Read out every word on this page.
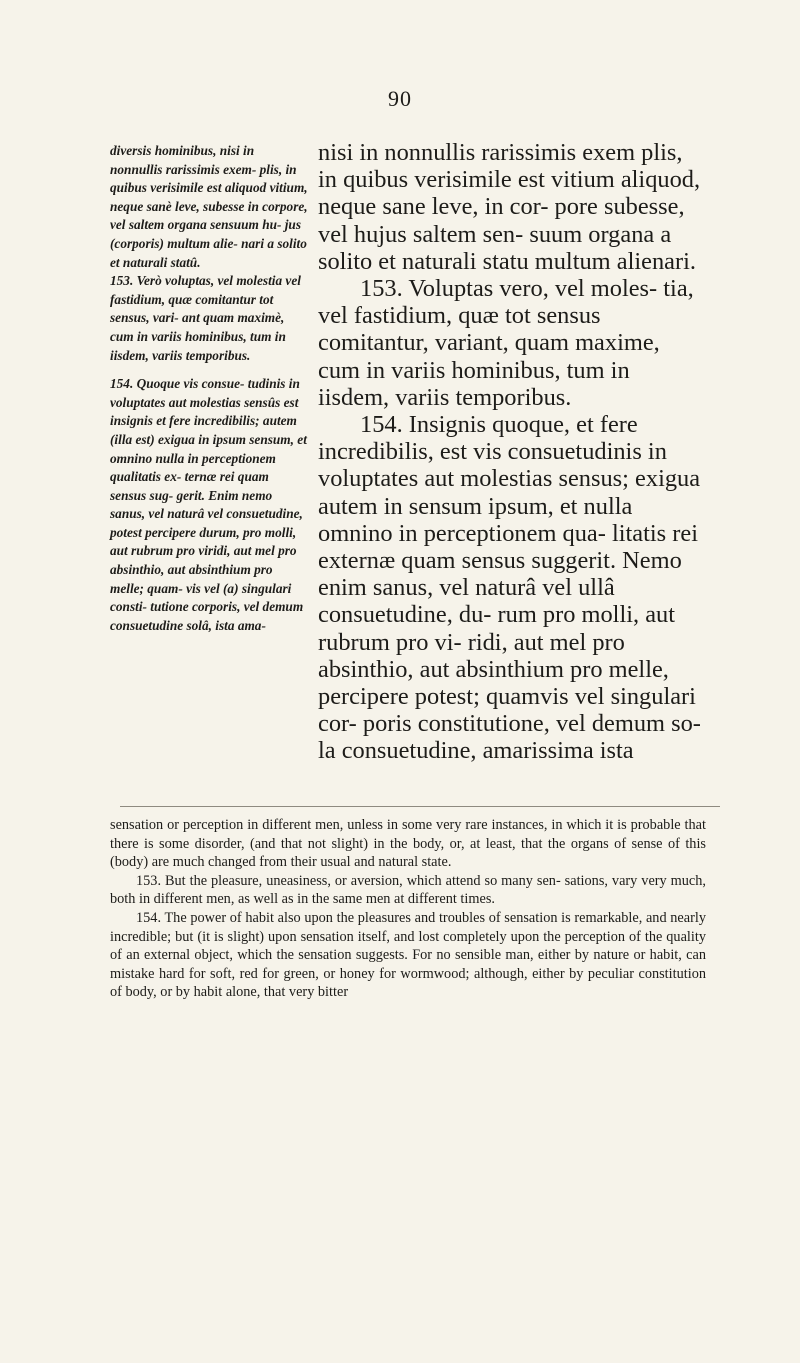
90

diversis hominibus, nisi in nonnullis rarissimis exem- plis, in quibus verisimile est aliquod vitium, neque sanè leve, subesse in corpore, vel saltem organa sensuum hu- jus (corporis) multum alie- nari a solito et naturali statû.

153. Verò voluptas, vel molestia vel fastidium, quæ comitantur tot sensus, vari- ant quam maximè, cum in variis hominibus, tum in iisdem, variis temporibus.

154. Quoque vis consue- tudinis in voluptates aut molestias sensûs est insignis et fere incredibilis; autem (illa est) exigua in ipsum sensum, et omnino nulla in perceptionem qualitatis ex- ternæ rei quam sensus sug- gerit. Enim nemo sanus, vel naturâ vel consuetudine, potest percipere durum, pro molli, aut rubrum pro viridi, aut mel pro absinthio, aut absinthium pro melle; quam- vis vel (a) singulari consti- tutione corporis, vel demum consuetudine solâ, ista ama-

nisi in nonnullis rarissimis exem plis, in quibus verisimile est vitium aliquod, neque sane leve, in cor- pore subesse, vel hujus saltem sen- suum organa a solito et naturali statu multum alienari.

153. Voluptas vero, vel moles- tia, vel fastidium, quæ tot sensus comitantur, variant, quam maxime, cum in variis hominibus, tum in iisdem, variis temporibus.

154. Insignis quoque, et fere incredibilis, est vis consuetudinis in voluptates aut molestias sensus; exigua autem in sensum ipsum, et nulla omnino in perceptionem qua- litatis rei externæ quam sensus suggerit. Nemo enim sanus, vel naturâ vel ullâ consuetudine, du- rum pro molli, aut rubrum pro vi- ridi, aut mel pro absinthio, aut absinthium pro melle, percipere potest; quamvis vel singulari cor- poris constitutione, vel demum so- la consuetudine, amarissima ista

sensation or perception in different men, unless in some very rare instances, in which it is probable that there is some disorder, (and that not slight) in the body, or, at least, that the organs of sense of this (body) are much changed from their usual and natural state.

153. But the pleasure, uneasiness, or aversion, which attend so many sen- sations, vary very much, both in different men, as well as in the same men at different times.

154. The power of habit also upon the pleasures and troubles of sensation is remarkable, and nearly incredible; but (it is slight) upon sensation itself, and lost completely upon the perception of the quality of an external object, which the sensation suggests. For no sensible man, either by nature or habit, can mistake hard for soft, red for green, or honey for wormwood; although, either by peculiar constitution of body, or by habit alone, that very bitter
